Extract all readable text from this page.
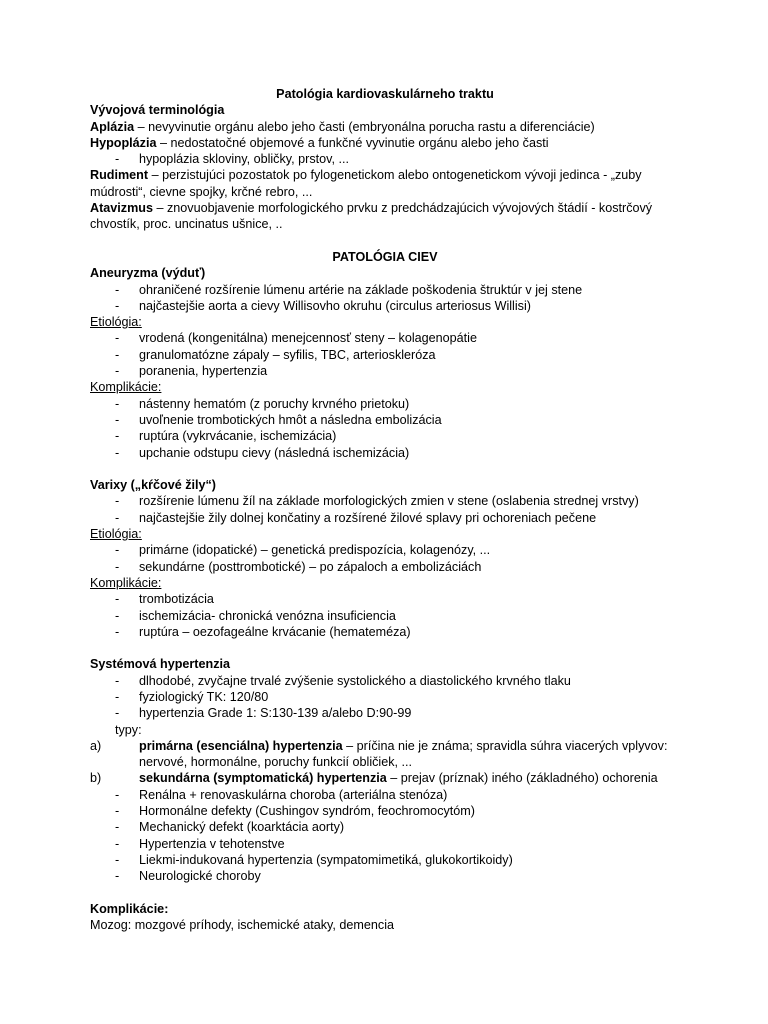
Patológia kardiovaskulárneho traktu
Vývojová terminológia
Aplázia – nevyvinutie orgánu alebo jeho časti (embryonálna porucha rastu a diferenciácie)
Hypoplázia – nedostatočné objemové a funkčné vyvinutie orgánu alebo jeho časti
- hypoplázia skloviny, obličky, prstov, ...
Rudiment – perzistujúci pozostatok po fylogenetickom alebo ontogenetickom vývoji jedinca - „zuby múdrosti“, cievne spojky, krčné rebro, ...
Atavizmus – znovuobjavenie morfologického prvku z predchádzajúcich vývojových štádií - kostrčový chvostík, proc. uncinatus ušnice, ..
PATOLÓGIA CIEV
Aneuryzma (výduť)
- ohraničené rozšírenie lúmenu artérie na základe poškodenia štruktúr v jej stene
- najčastejšie aorta a cievy Willisovho okruhu (circulus arteriosus Willisi)
Etiológia:
- vrodená (kongenitálna) menejcennosť steny – kolagenopátie
- granulomatózne zápaly – syfilis, TBC, arterioskleróza
- poranenia, hypertenzia
Komplikácie:
- nástenny hematóm (z poruchy krvného prietoku)
- uvoľnenie trombotických hmôt a následna embolizácia
- ruptúra (vykrvácanie, ischemizácia)
- upchanie odstupu cievy (následná ischemizácia)
Varixy („kŕčové žily“)
- rozšírenie lúmenu žíl na základe morfologických zmien v stene (oslabenia strednej vrstvy)
- najčastejšie žily dolnej končatiny a rozšírené žilové splavy pri ochoreniach pečene
Etiológia:
- primárne (idopatické) – genetická predispozícia, kolagenózy, ...
- sekundárne (posttrombotické) – po zápaloch a embolizáciách
Komplikácie:
- trombotizácia
- ischemizácia- chronická venózna insuficiencia
- ruptúra – oezofageálne krvácanie (hemateméza)
Systémová hypertenzia
- dlhodobé, zvyčajne trvalé zvýšenie systolického a diastolického krvného tlaku
- fyziologický TK: 120/80
- hypertenzia Grade 1: S:130-139 a/alebo D:90-99
typy:
a)	primárna (esenciálna) hypertenzia – príčina nie je známa; spravidla súhra viacerých vplyvov: nervové, hormonálne, poruchy funkcií obličiek, ...
b)	sekundárna (symptomatická) hypertenzia – prejav (príznak) iného (základného) ochorenia
- Renálna + renovaskulárna choroba (arteriálna stenóza)
- Hormonálne defekty (Cushingov syndróm, feochromocytóm)
- Mechanický defekt (koarktácia aorty)
- Hypertenzia v tehotenstve
- Liekmi-indukovaná hypertenzia (sympatomimetiká, glukokortikoidy)
- Neurologické choroby
Komplikácie:
Mozog: mozgové príhody, ischemické ataky, demencia
